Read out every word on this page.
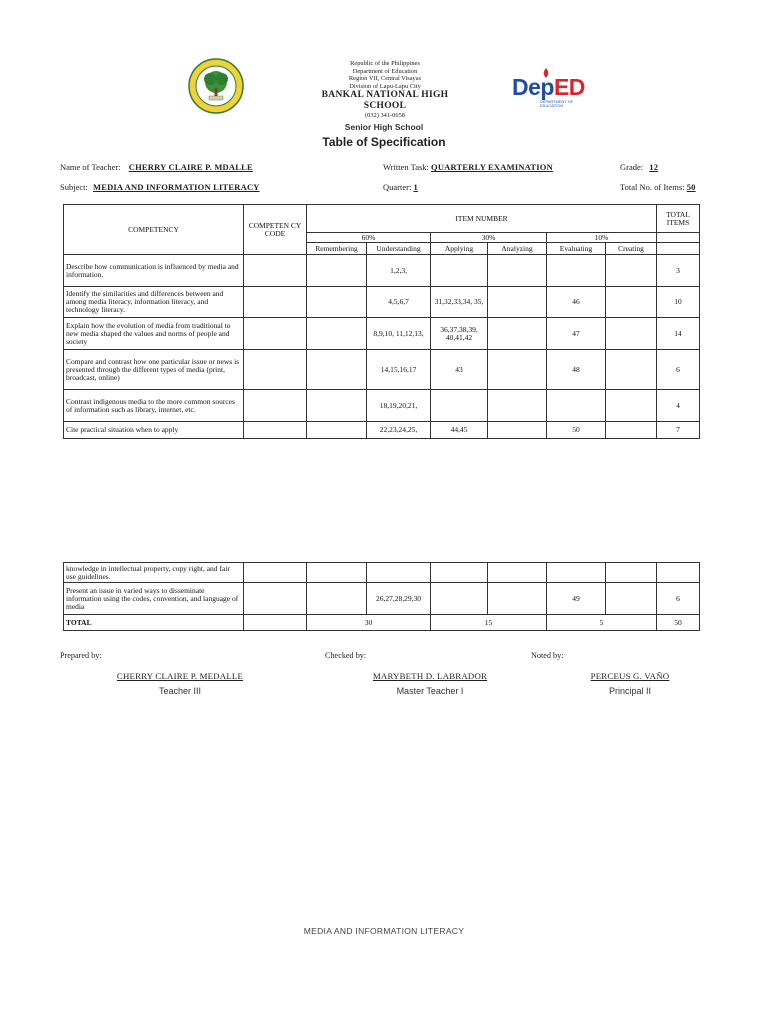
Republic of the Philippines
Department of Education
Region VII, Central Visayas
Division of Lapu-Lapu City
BANKAL NATIONAL HIGH SCHOOL
(032) 341-0658
DepED
DEPARTMENT OF EDUCATION
Senior High School
Table of Specification
Name of Teacher: CHERRY CLAIRE P. MDALLE	Written Task: QUARTERLY EXAMINATION	Grade: 12
Subject: MEDIA AND INFORMATION LITERACY	Quarter: 1	Total No. of Items: 50
COMPETENCY	COMPETEN CY CODE	ITEM NUMBER						TOTAL ITEMS
		60%		30%		10%		
		Remembering	Understanding	Applying	Analyzing	Evaluating	Creating	
Describe how communication is influenced by media and information.			1,2,3,					3
Identify the similarities and differences between and among media literacy, information literacy, and technology literacy.			4,5,6,7	31,32,33,34, 35,		46		10
Explain how the evolution of media from traditional to new media shaped the values and norms of people and society			8,9,10, 11,12,13,	36,37,38,39, 40,41,42		47		14
Compare and contrast how one particular issue or news is presented through the different types of media (print, broadcast, online)			14,15,16,17	43		48		6
Contrast indigenous media to the more common sources of information such as library, internet, etc.			18,19,20,21,					4
Cite practical situation when to apply			22,23,24,25,	44,45		50		7
knowledge in intellectual property, copy right, and fair use guidelines.								
Present an issue in varied ways to disseminate information using the codes, convention, and language of media			26,27,28,29,30			49		6
TOTAL		30		15		5		50
Prepared by:	Checked by:	Noted by:
CHERRY CLAIRE P. MEDALLE	MARYBETH D. LABRADOR	PERCEUS G. VAÑO
Teacher III	Master Teacher I	Principal II
MEDIA AND INFORMATION LITERACY
